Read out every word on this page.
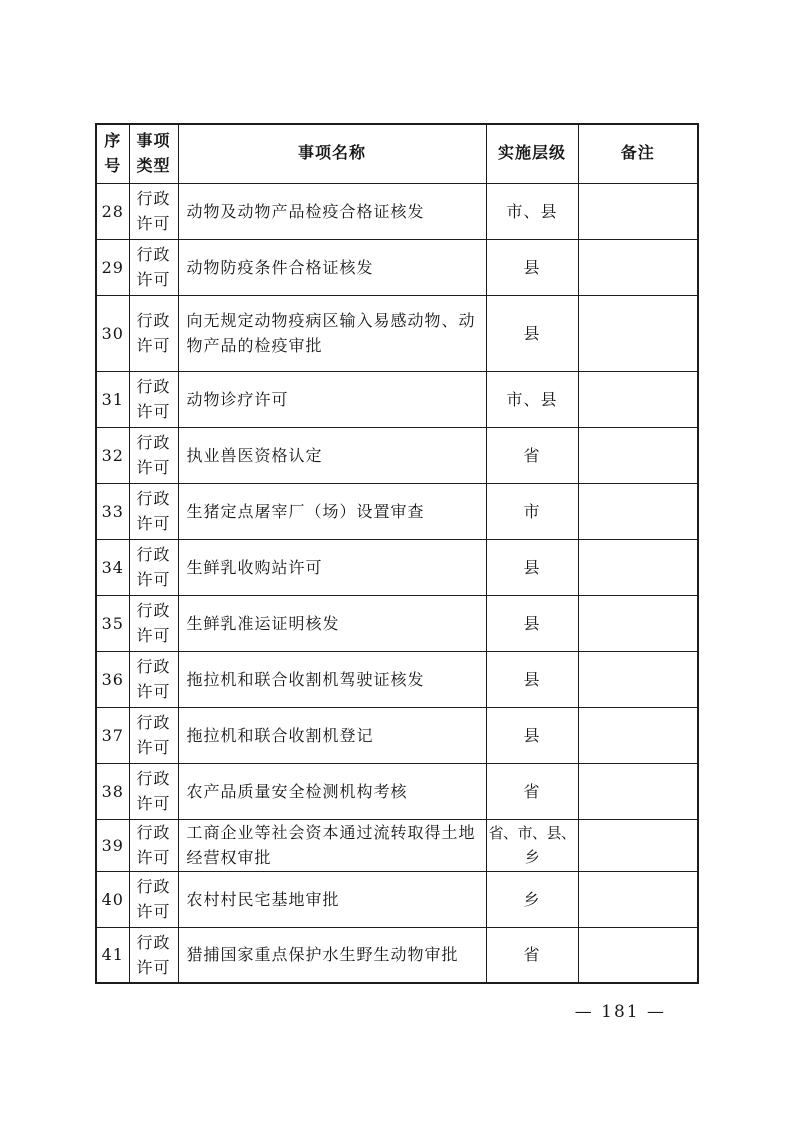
序号	事项类型	事项名称	实施层级	备注
28	行政许可	动物及动物产品检疫合格证核发	市、县	
29	行政许可	动物防疫条件合格证核发	县	
30	行政许可	向无规定动物疫病区输入易感动物、动物产品的检疫审批	县	
31	行政许可	动物诊疗许可	市、县	
32	行政许可	执业兽医资格认定	省	
33	行政许可	生猪定点屠宰厂（场）设置审查	市	
34	行政许可	生鲜乳收购站许可	县	
35	行政许可	生鲜乳准运证明核发	县	
36	行政许可	拖拉机和联合收割机驾驶证核发	县	
37	行政许可	拖拉机和联合收割机登记	县	
38	行政许可	农产品质量安全检测机构考核	省	
39	行政许可	工商企业等社会资本通过流转取得土地经营权审批	省、市、县、乡	
40	行政许可	农村村民宅基地审批	乡	
41	行政许可	猎捕国家重点保护水生野生动物审批	省	
— 181 —
